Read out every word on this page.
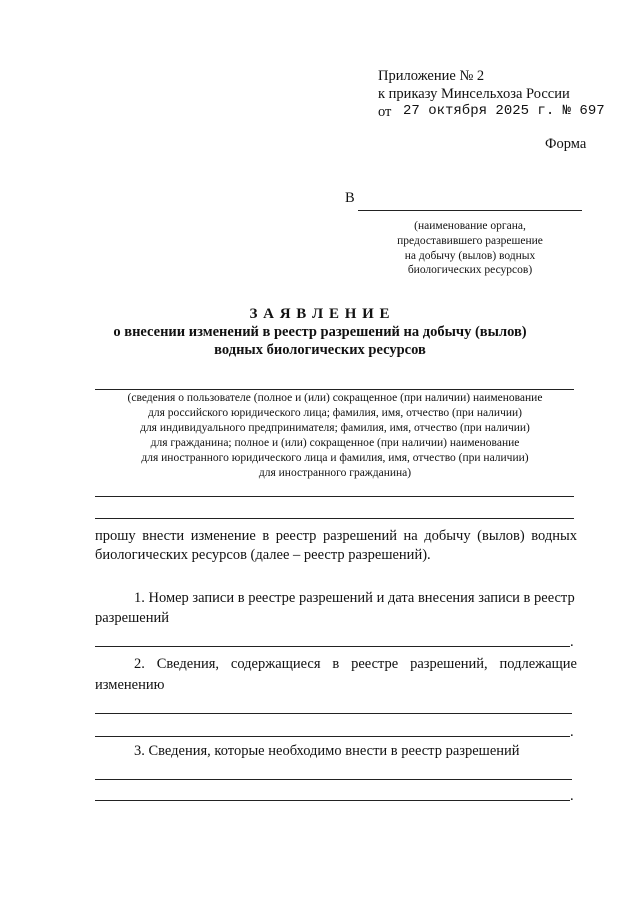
Приложение № 2
к приказу Минсельхоза России
от 27 октября 2025 г. № 697
Форма
В
(наименование органа,
предоставившего разрешение
на добычу (вылов) водных
биологических ресурсов)
З А Я В Л Е Н И Е
о внесении изменений в реестр разрешений на добычу (вылов)
водных биологических ресурсов
(сведения о пользователе (полное и (или) сокращенное (при наличии) наименование
для российского юридического лица; фамилия, имя, отчество (при наличии)
для индивидуального предпринимателя; фамилия, имя, отчество (при наличии)
для гражданина; полное и (или) сокращенное (при наличии) наименование
для иностранного юридического лица и фамилия, имя, отчество (при наличии)
для иностранного гражданина)
прошу внести изменение в реестр разрешений на добычу (вылов) водных
биологических ресурсов (далее – реестр разрешений).
1. Номер записи в реестре разрешений и дата внесения записи в реестр
разрешений
.
2. Сведения, содержащиеся в реестре разрешений, подлежащие
изменению
.
3. Сведения, которые необходимо внести в реестр разрешений
.
